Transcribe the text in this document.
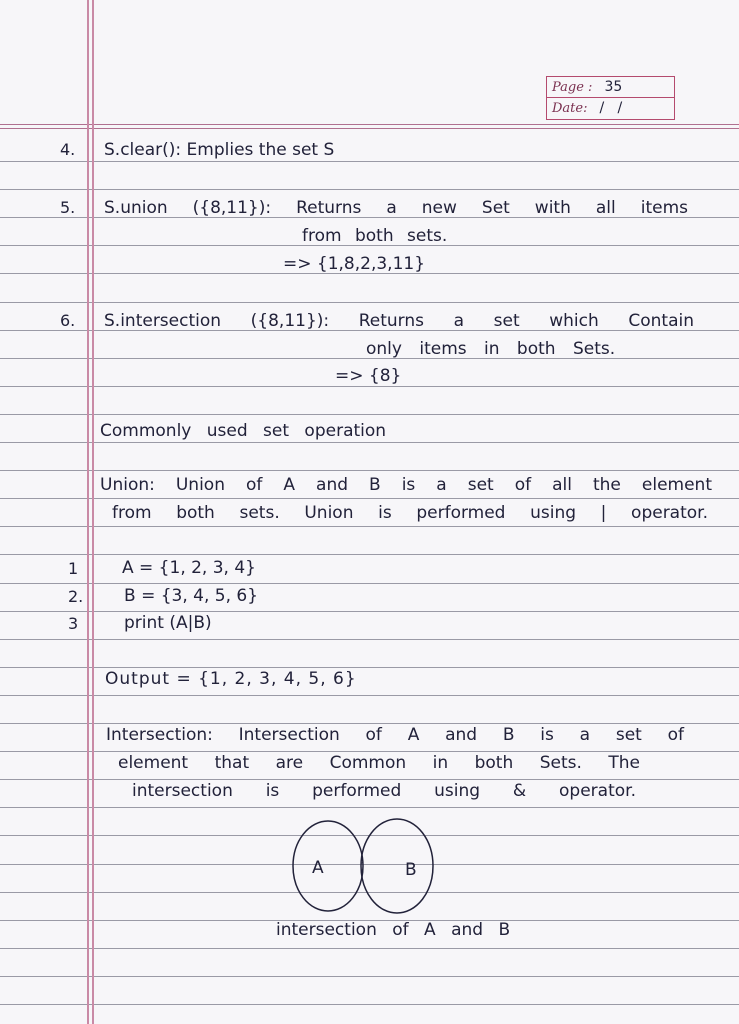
Page : 35
Date: /   /
4. S.clear(): Emplies the set S
5. S.union ({8,11}): Returns a new Set with all items
from both sets.
=> {1,8,2,3,11}
6. S.intersection ({8,11}): Returns a set which Contain
only items in both Sets.
=> {8}
Commonly used set operation
Union: Union of A and B is a set of all the element
from both sets. Union is performed using | operator.
1	A = {1, 2, 3, 4}
2. B = {3, 4, 5, 6}
3	print (A|B)
Output = {1, 2, 3, 4, 5, 6}
Intersection: Intersection of A and B is a set of
element that are Common in both Sets. The
intersection is performed using & operator.
A	B
intersection of A and B
